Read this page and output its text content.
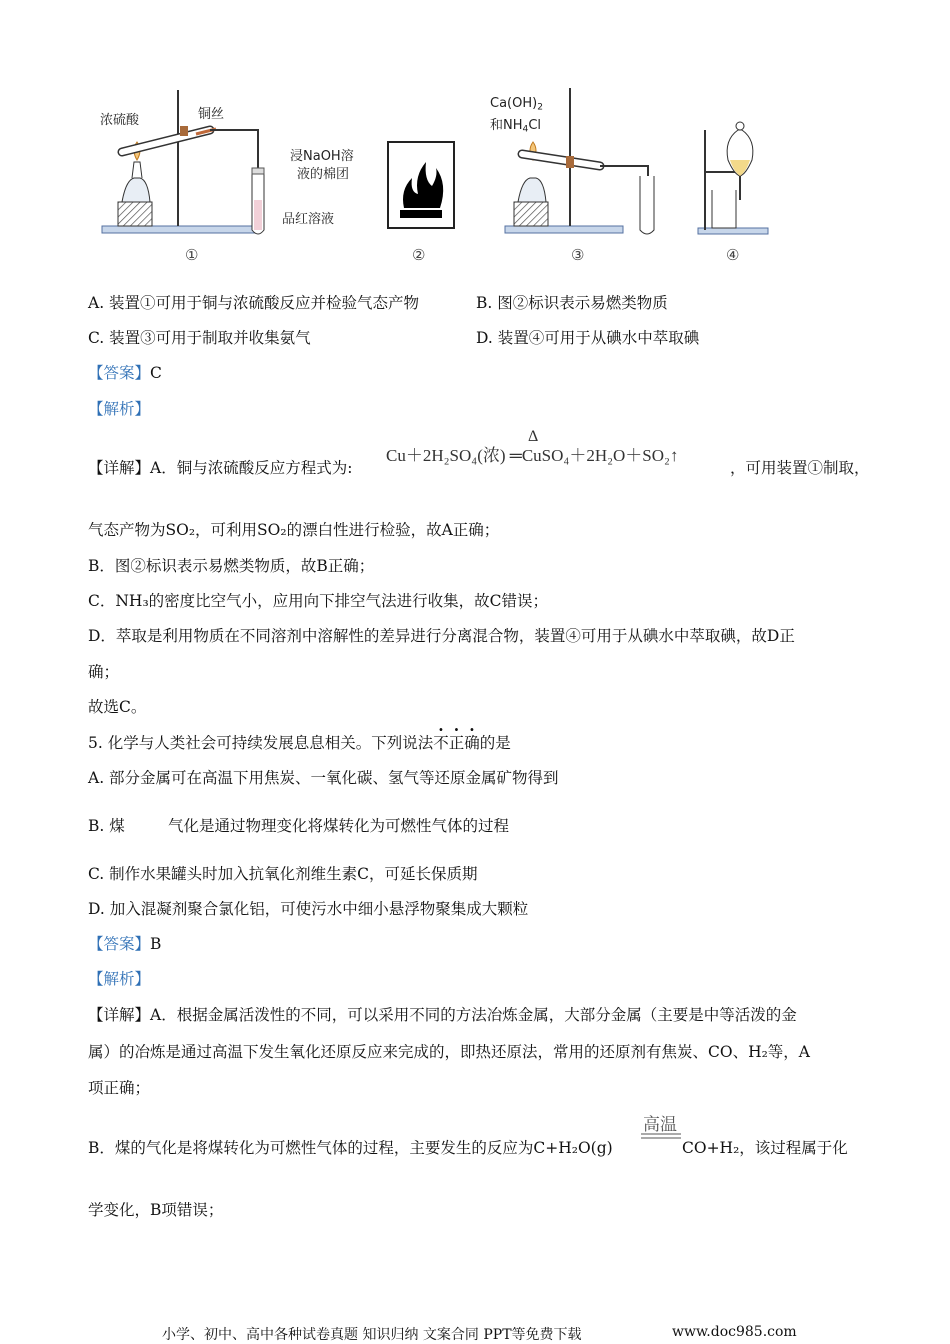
浓硫酸	铜丝
浸NaOH溶
液的棉团
品红溶液
$Ca(OH)_2$
和$NH_4Cl$
①	②	③	④
A. 装置①可用于铜与浓硫酸反应并检验气态产物	B. 图②标识表示易燃类物质
C. 装置③可用于制取并收集氨气	D. 装置④可用于从碘水中萃取碘
【答案】C
【解析】
【详解】A．铜与浓硫酸反应方程式为:
Δ
Cu＋2H₂SO₄(浓) ═CuSO₄＋2H₂O＋SO₂↑
，可用装置①制取，
气态产物为SO₂，可利用SO₂的漂白性进行检验，故A正确；
B．图②标识表示易燃类物质，故B正确；
C．NH₃的密度比空气小，应用向下排空气法进行收集，故C错误；
D．萃取是利用物质在不同溶剂中溶解性的差异进行分离混合物，装置④可用于从碘水中萃取碘，故D正
确；
故选C。
5. 化学与人类社会可持续发展息息相关。下列说法不正确的是
A. 部分金属可在高温下用焦炭、一氧化碳、氢气等还原金属矿物得到
B. 煤	气化是通过物理变化将煤转化为可燃性气体的过程
C. 制作水果罐头时加入抗氧化剂维生素C，可延长保质期
D. 加入混凝剂聚合氯化铝，可使污水中细小悬浮物聚集成大颗粒
【答案】B
【解析】
【详解】A．根据金属活泼性的不同，可以采用不同的方法冶炼金属，大部分金属（主要是中等活泼的金
属）的冶炼是通过高温下发生氧化还原反应来完成的，即热还原法，常用的还原剂有焦炭、CO、H₂等，A
项正确；
B．煤的气化是将煤转化为可燃性气体的过程，主要发生的反应为C+H₂O(g)
高温
CO+H₂，该过程属于化
学变化，B项错误；
小学、初中、高中各种试卷真题 知识归纳 文案合同 PPT等免费下载	www.doc985.com
